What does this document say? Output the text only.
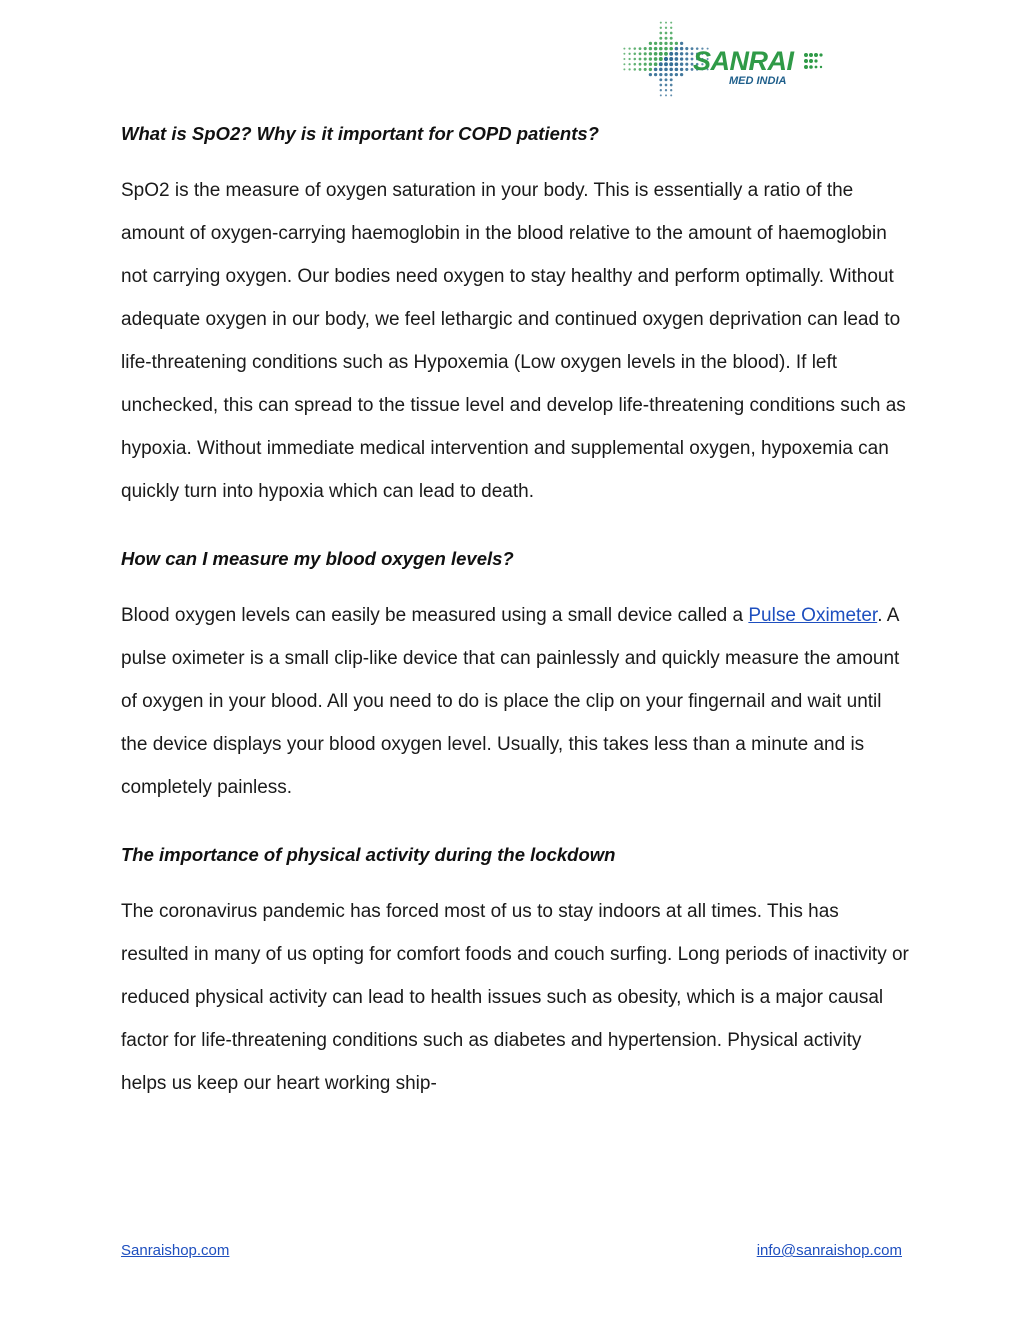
SANRAI
MED INDIA
What is SpO2? Why is it important for COPD patients?

SpO2 is the measure of oxygen saturation in your body. This is essentially a ratio of the amount of oxygen-carrying haemoglobin in the blood relative to the amount of haemoglobin not carrying oxygen. Our bodies need oxygen to stay healthy and perform optimally. Without adequate oxygen in our body, we feel lethargic and continued oxygen deprivation can lead to life-threatening conditions such as Hypoxemia (Low oxygen levels in the blood). If left unchecked, this can spread to the tissue level and develop life-threatening conditions such as hypoxia. Without immediate medical intervention and supplemental oxygen, hypoxemia can quickly turn into hypoxia which can lead to death.

How can I measure my blood oxygen levels?

Blood oxygen levels can easily be measured using a small device called a Pulse Oximeter. A pulse oximeter is a small clip-like device that can painlessly and quickly measure the amount of oxygen in your blood. All you need to do is place the clip on your fingernail and wait until the device displays your blood oxygen level. Usually, this takes less than a minute and is completely painless.

The importance of physical activity during the lockdown

The coronavirus pandemic has forced most of us to stay indoors at all times. This has resulted in many of us opting for comfort foods and couch surfing. Long periods of inactivity or reduced physical activity can lead to health issues such as obesity, which is a major causal factor for life-threatening conditions such as diabetes and hypertension. Physical activity helps us keep our heart working ship-

Sanraishop.com	info@sanraishop.com
